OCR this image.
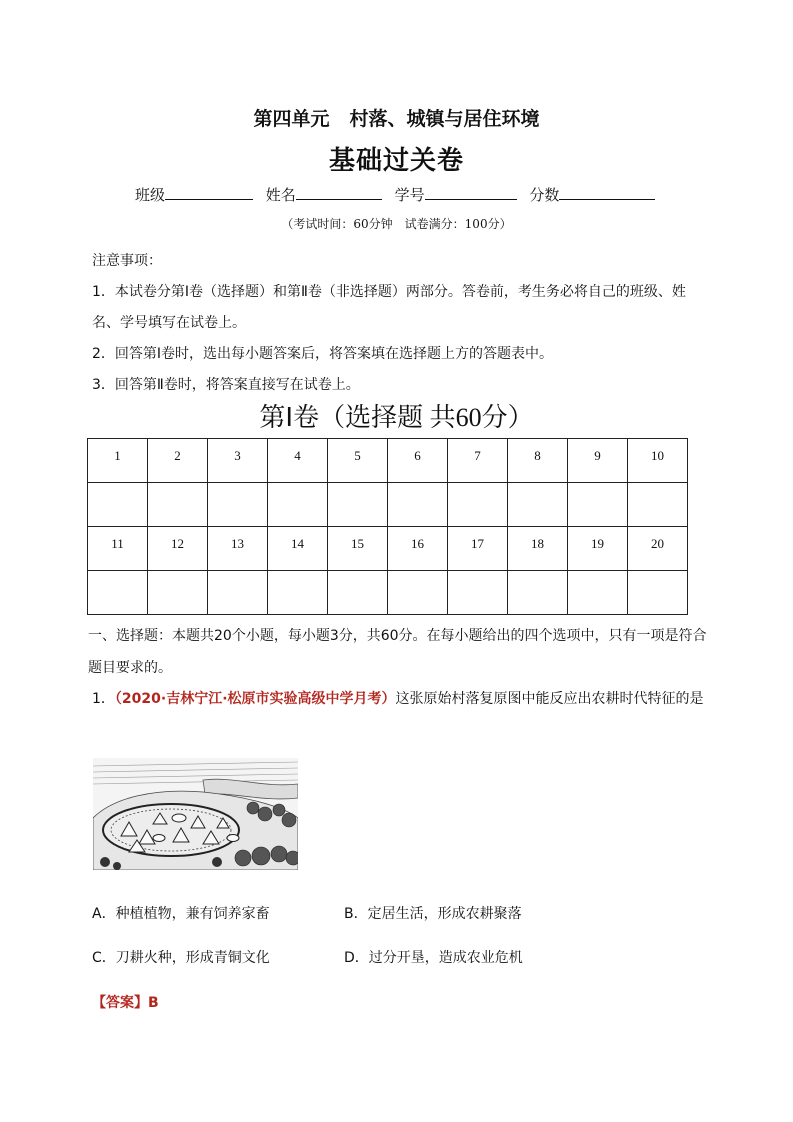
第四单元 村落、城镇与居住环境
基础过关卷
班级	姓名	学号	分数
（考试时间：60分钟　试卷满分：100分）

注意事项：

1．本试卷分第Ⅰ卷（选择题）和第Ⅱ卷（非选择题）两部分。答卷前，考生务必将自己的班级、姓名、学号填写在试卷上。

2．回答第Ⅰ卷时，选出每小题答案后，将答案填在选择题上方的答题表中。

3．回答第Ⅱ卷时，将答案直接写在试卷上。

第Ⅰ卷（选择题 共60分）
1	2	3	4	5	6	7	8	9	10

11	12	13	14	15	16	17	18	19	20

一、选择题：本题共20个小题，每小题3分，共60分。在每小题给出的四个选项中，只有一项是符合题目要求的。
1．（2020·吉林宁江·松原市实验高级中学月考）这张原始村落复原图中能反应出农耕时代特征的是
A．种植植物，兼有饲养家畜	B．定居生活，形成农耕聚落
C．刀耕火种，形成青铜文化	D．过分开垦，造成农业危机
【答案】B
